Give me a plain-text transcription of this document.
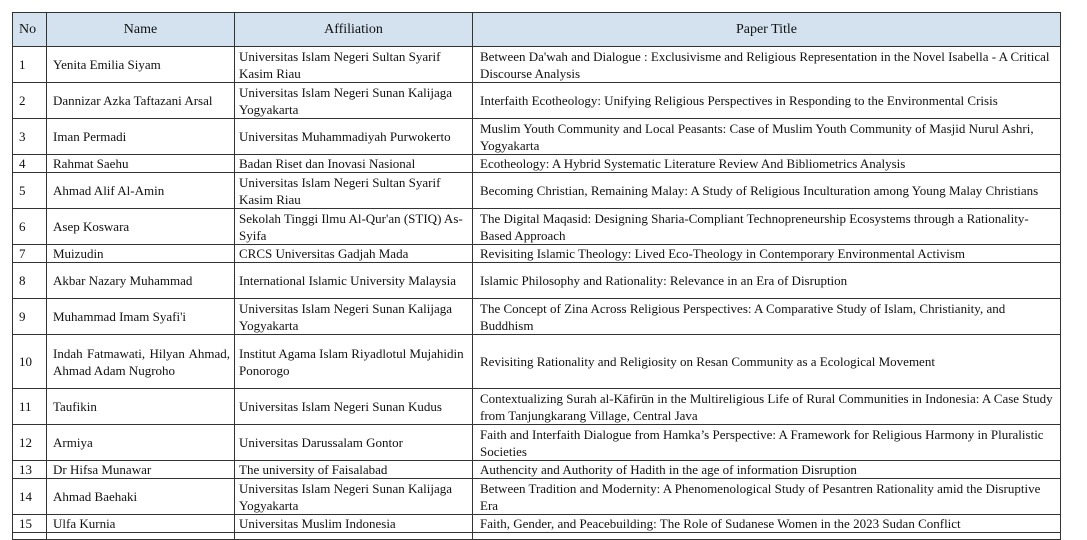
No	Name	Affiliation	Paper Title
1	Yenita Emilia Siyam	Universitas Islam Negeri Sultan Syarif Kasim Riau	Between Da'wah and Dialogue : Exclusivisme and Religious Representation in the Novel Isabella - A Critical Discourse Analysis
2	Dannizar Azka Taftazani Arsal	Universitas Islam Negeri Sunan Kalijaga Yogyakarta	Interfaith Ecotheology: Unifying Religious Perspectives in Responding to the Environmental Crisis
3	Iman Permadi	Universitas Muhammadiyah Purwokerto	Muslim Youth Community and Local Peasants: Case of Muslim Youth Community of Masjid Nurul Ashri, Yogyakarta
4	Rahmat Saehu	Badan Riset dan Inovasi Nasional	Ecotheology: A Hybrid Systematic Literature Review And Bibliometrics Analysis
5	Ahmad Alif Al-Amin	Universitas Islam Negeri Sultan Syarif Kasim Riau	Becoming Christian, Remaining Malay: A Study of Religious Inculturation among Young Malay Christians
6	Asep Koswara	Sekolah Tinggi Ilmu Al-Qur'an (STIQ) As-Syifa	The Digital Maqasid: Designing Sharia-Compliant Technopreneurship Ecosystems through a Rationality-Based Approach
7	Muizudin	CRCS Universitas Gadjah Mada	Revisiting Islamic Theology: Lived Eco-Theology in Contemporary Environmental Activism
8	Akbar Nazary Muhammad	International Islamic University Malaysia	Islamic Philosophy and Rationality: Relevance in an Era of Disruption
9	Muhammad Imam Syafi'i	Universitas Islam Negeri Sunan Kalijaga Yogyakarta	The Concept of Zina Across Religious Perspectives: A Comparative Study of Islam, Christianity, and Buddhism
10	Indah Fatmawati, Hilyan Ahmad, Ahmad Adam Nugroho	Institut Agama Islam Riyadlotul Mujahidin Ponorogo	Revisiting Rationality and Religiosity on Resan Community as a Ecological Movement
11	Taufikin	Universitas Islam Negeri Sunan Kudus	Contextualizing Surah al-Kāfirūn in the Multireligious Life of Rural Communities in Indonesia: A Case Study from Tanjungkarang Village, Central Java
12	Armiya	Universitas Darussalam Gontor	Faith and Interfaith Dialogue from Hamka’s Perspective: A Framework for Religious Harmony in Pluralistic Societies
13	Dr Hifsa Munawar	The university of Faisalabad	Authencity and Authority of Hadith in the age of information Disruption
14	Ahmad Baehaki	Universitas Islam Negeri Sunan Kalijaga Yogyakarta	Between Tradition and Modernity: A Phenomenological Study of Pesantren Rationality amid the Disruptive Era
15	Ulfa Kurnia	Universitas Muslim Indonesia	Faith, Gender, and Peacebuilding: The Role of Sudanese Women in the 2023 Sudan Conflict
